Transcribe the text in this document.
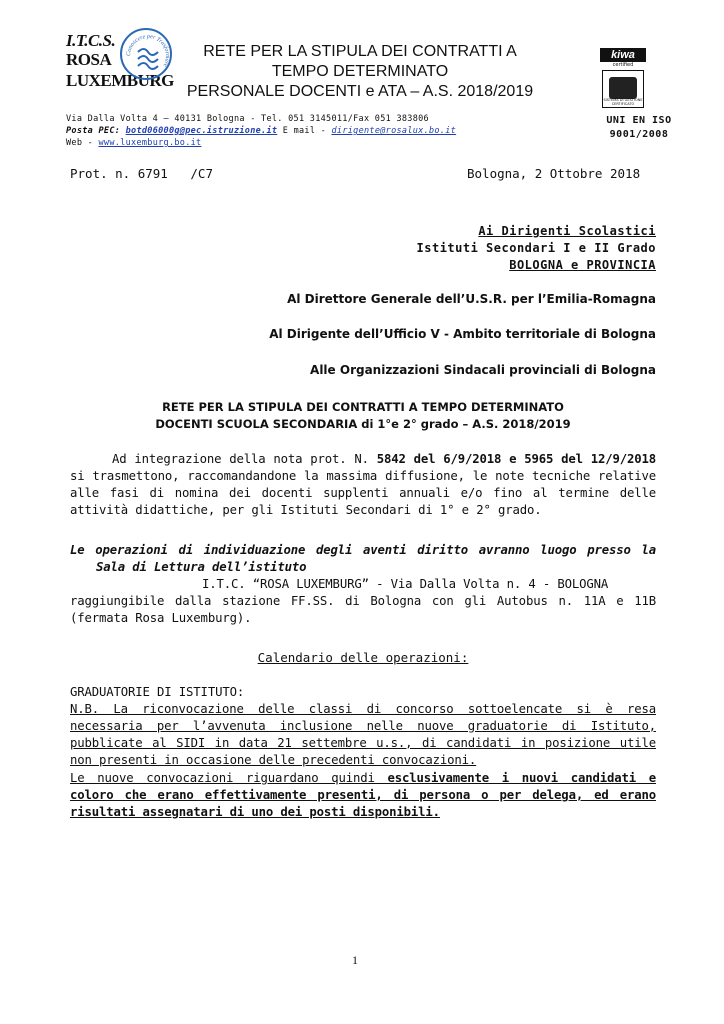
I.T.C.S.
ROSA
LUXEMBURG
Conoscere per Trasformare
RETE PER LA STIPULA DEI CONTRATTI A
TEMPO DETERMINATO
PERSONALE DOCENTI e ATA – A.S. 2018/2019
kiwa
certified
SISTEMA DI GESTIONE CERTIFICATO
UNI EN ISO
9001/2008
Via Dalla Volta 4 – 40131 Bologna - Tel. 051 3145011/Fax 051 383806
Posta PEC: botd06000g@pec.istruzione.it E mail - dirigente@rosalux.bo.it
Web - www.luxemburg.bo.it
Prot. n. 6791   /C7	Bologna, 2 Ottobre 2018
Ai Dirigenti Scolastici
Istituti Secondari I e II Grado
BOLOGNA e PROVINCIA
Al Direttore Generale dell’U.S.R. per l’Emilia-Romagna
Al Dirigente dell’Ufficio V - Ambito territoriale di Bologna
Alle Organizzazioni Sindacali provinciali di Bologna
RETE PER LA STIPULA DEI CONTRATTI A TEMPO DETERMINATO
DOCENTI SCUOLA SECONDARIA di 1°e 2° grado – A.S. 2018/2019
Ad integrazione della nota prot. N. 5842 del 6/9/2018 e 5965 del 12/9/2018 si trasmettono, raccomandandone la massima diffusione, le note tecniche relative alle fasi di nomina dei docenti supplenti annuali e/o fino al termine delle attività didattiche, per gli Istituti Secondari di 1° e 2° grado.
Le operazioni di individuazione degli aventi diritto avranno luogo presso la
Sala di Lettura dell’istituto
I.T.C. “ROSA LUXEMBURG” - Via Dalla Volta n. 4 - BOLOGNA
raggiungibile dalla stazione FF.SS. di Bologna con gli Autobus n. 11A e 11B
(fermata Rosa Luxemburg).
Calendario delle operazioni:
GRADUATORIE DI ISTITUTO:
N.B. La riconvocazione delle classi di concorso sottoelencate si è resa necessaria per l’avvenuta inclusione nelle nuove graduatorie di Istituto, pubblicate al SIDI in data 21 settembre u.s., di candidati in posizione utile non presenti in occasione delle precedenti convocazioni.
Le nuove convocazioni riguardano quindi esclusivamente i nuovi candidati e coloro che erano effettivamente presenti, di persona o per delega, ed erano risultati assegnatari di uno dei posti disponibili.
1
